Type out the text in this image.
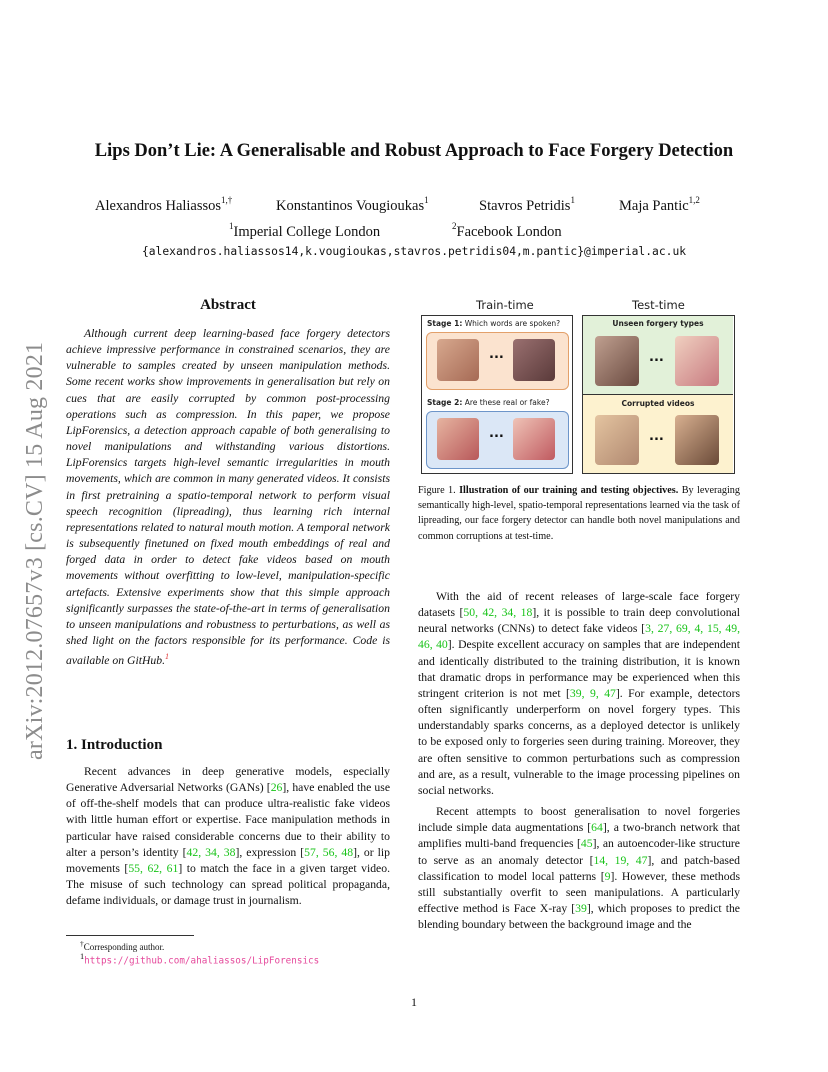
Lips Don’t Lie: A Generalisable and Robust Approach to Face Forgery Detection
Alexandros Haliassos$^{1,\dagger}$	Konstantinos Vougioukas$^1$	Stavros Petridis$^1$	Maja Pantic$^{1,2}$
$^1$Imperial College London	$^2$Facebook London
{alexandros.haliassos14,k.vougioukas,stavros.petridis04,m.pantic}@imperial.ac.uk
arXiv:2012.07657v3 [cs.CV] 15 Aug 2021
Abstract

Although current deep learning-based face forgery detectors achieve impressive performance in constrained scenarios, they are vulnerable to samples created by unseen manipulation methods. Some recent works show improvements in generalisation but rely on cues that are easily corrupted by common post-processing operations such as compression. In this paper, we propose LipForensics, a detection approach capable of both generalising to novel manipulations and withstanding various distortions. LipForensics targets high-level semantic irregularities in mouth movements, which are common in many generated videos. It consists in first pretraining a spatio-temporal network to perform visual speech recognition (lipreading), thus learning rich internal representations related to natural mouth motion. A temporal network is subsequently finetuned on fixed mouth embeddings of real and forged data in order to detect fake videos based on mouth movements without overfitting to low-level, manipulation-specific artefacts. Extensive experiments show that this simple approach significantly surpasses the state-of-the-art in terms of generalisation to unseen manipulations and robustness to perturbations, as well as shed light on the factors responsible for its performance. Code is available on GitHub.$^1$

1. Introduction

Recent advances in deep generative models, especially Generative Adversarial Networks (GANs) [26], have enabled the use of off-the-shelf models that can produce ultra-realistic fake videos with little human effort or expertise. Face manipulation methods in particular have raised considerable concerns due to their ability to alter a person’s identity [42, 34, 38], expression [57, 56, 48], or lip movements [55, 62, 61] to match the face in a given target video. The misuse of such technology can spread political propaganda, defame individuals, or damage trust in journalism.

†Corresponding author.
$^1$https://github.com/ahaliassos/LipForensics
Train-time	Test-time
Stage 1: Which words are spoken?
...
Stage 2: Are these real or fake?
...
Unseen forgery types
...
Corrupted videos
...
Figure 1. Illustration of our training and testing objectives. By leveraging semantically high-level, spatio-temporal representations learned via the task of lipreading, our face forgery detector can handle both novel manipulations and common corruptions at test-time.

With the aid of recent releases of large-scale face forgery datasets [50, 42, 34, 18], it is possible to train deep convolutional neural networks (CNNs) to detect fake videos [3, 27, 69, 4, 15, 49, 46, 40]. Despite excellent accuracy on samples that are independent and identically distributed to the training distribution, it is known that dramatic drops in performance may be experienced when this stringent criterion is not met [39, 9, 47]. For example, detectors often significantly underperform on novel forgery types. This understandably sparks concerns, as a deployed detector is unlikely to be exposed only to forgeries seen during training. Moreover, they are often sensitive to common perturbations such as compression and are, as a result, vulnerable to the image processing pipelines on social networks.

Recent attempts to boost generalisation to novel forgeries include simple data augmentations [64], a two-branch network that amplifies multi-band frequencies [45], an autoencoder-like structure to serve as an anomaly detector [14, 19, 47], and patch-based classification to model local patterns [9]. However, these methods still substantially overfit to seen manipulations. A particularly effective method is Face X-ray [39], which proposes to predict the blending boundary between the background image and the

1
